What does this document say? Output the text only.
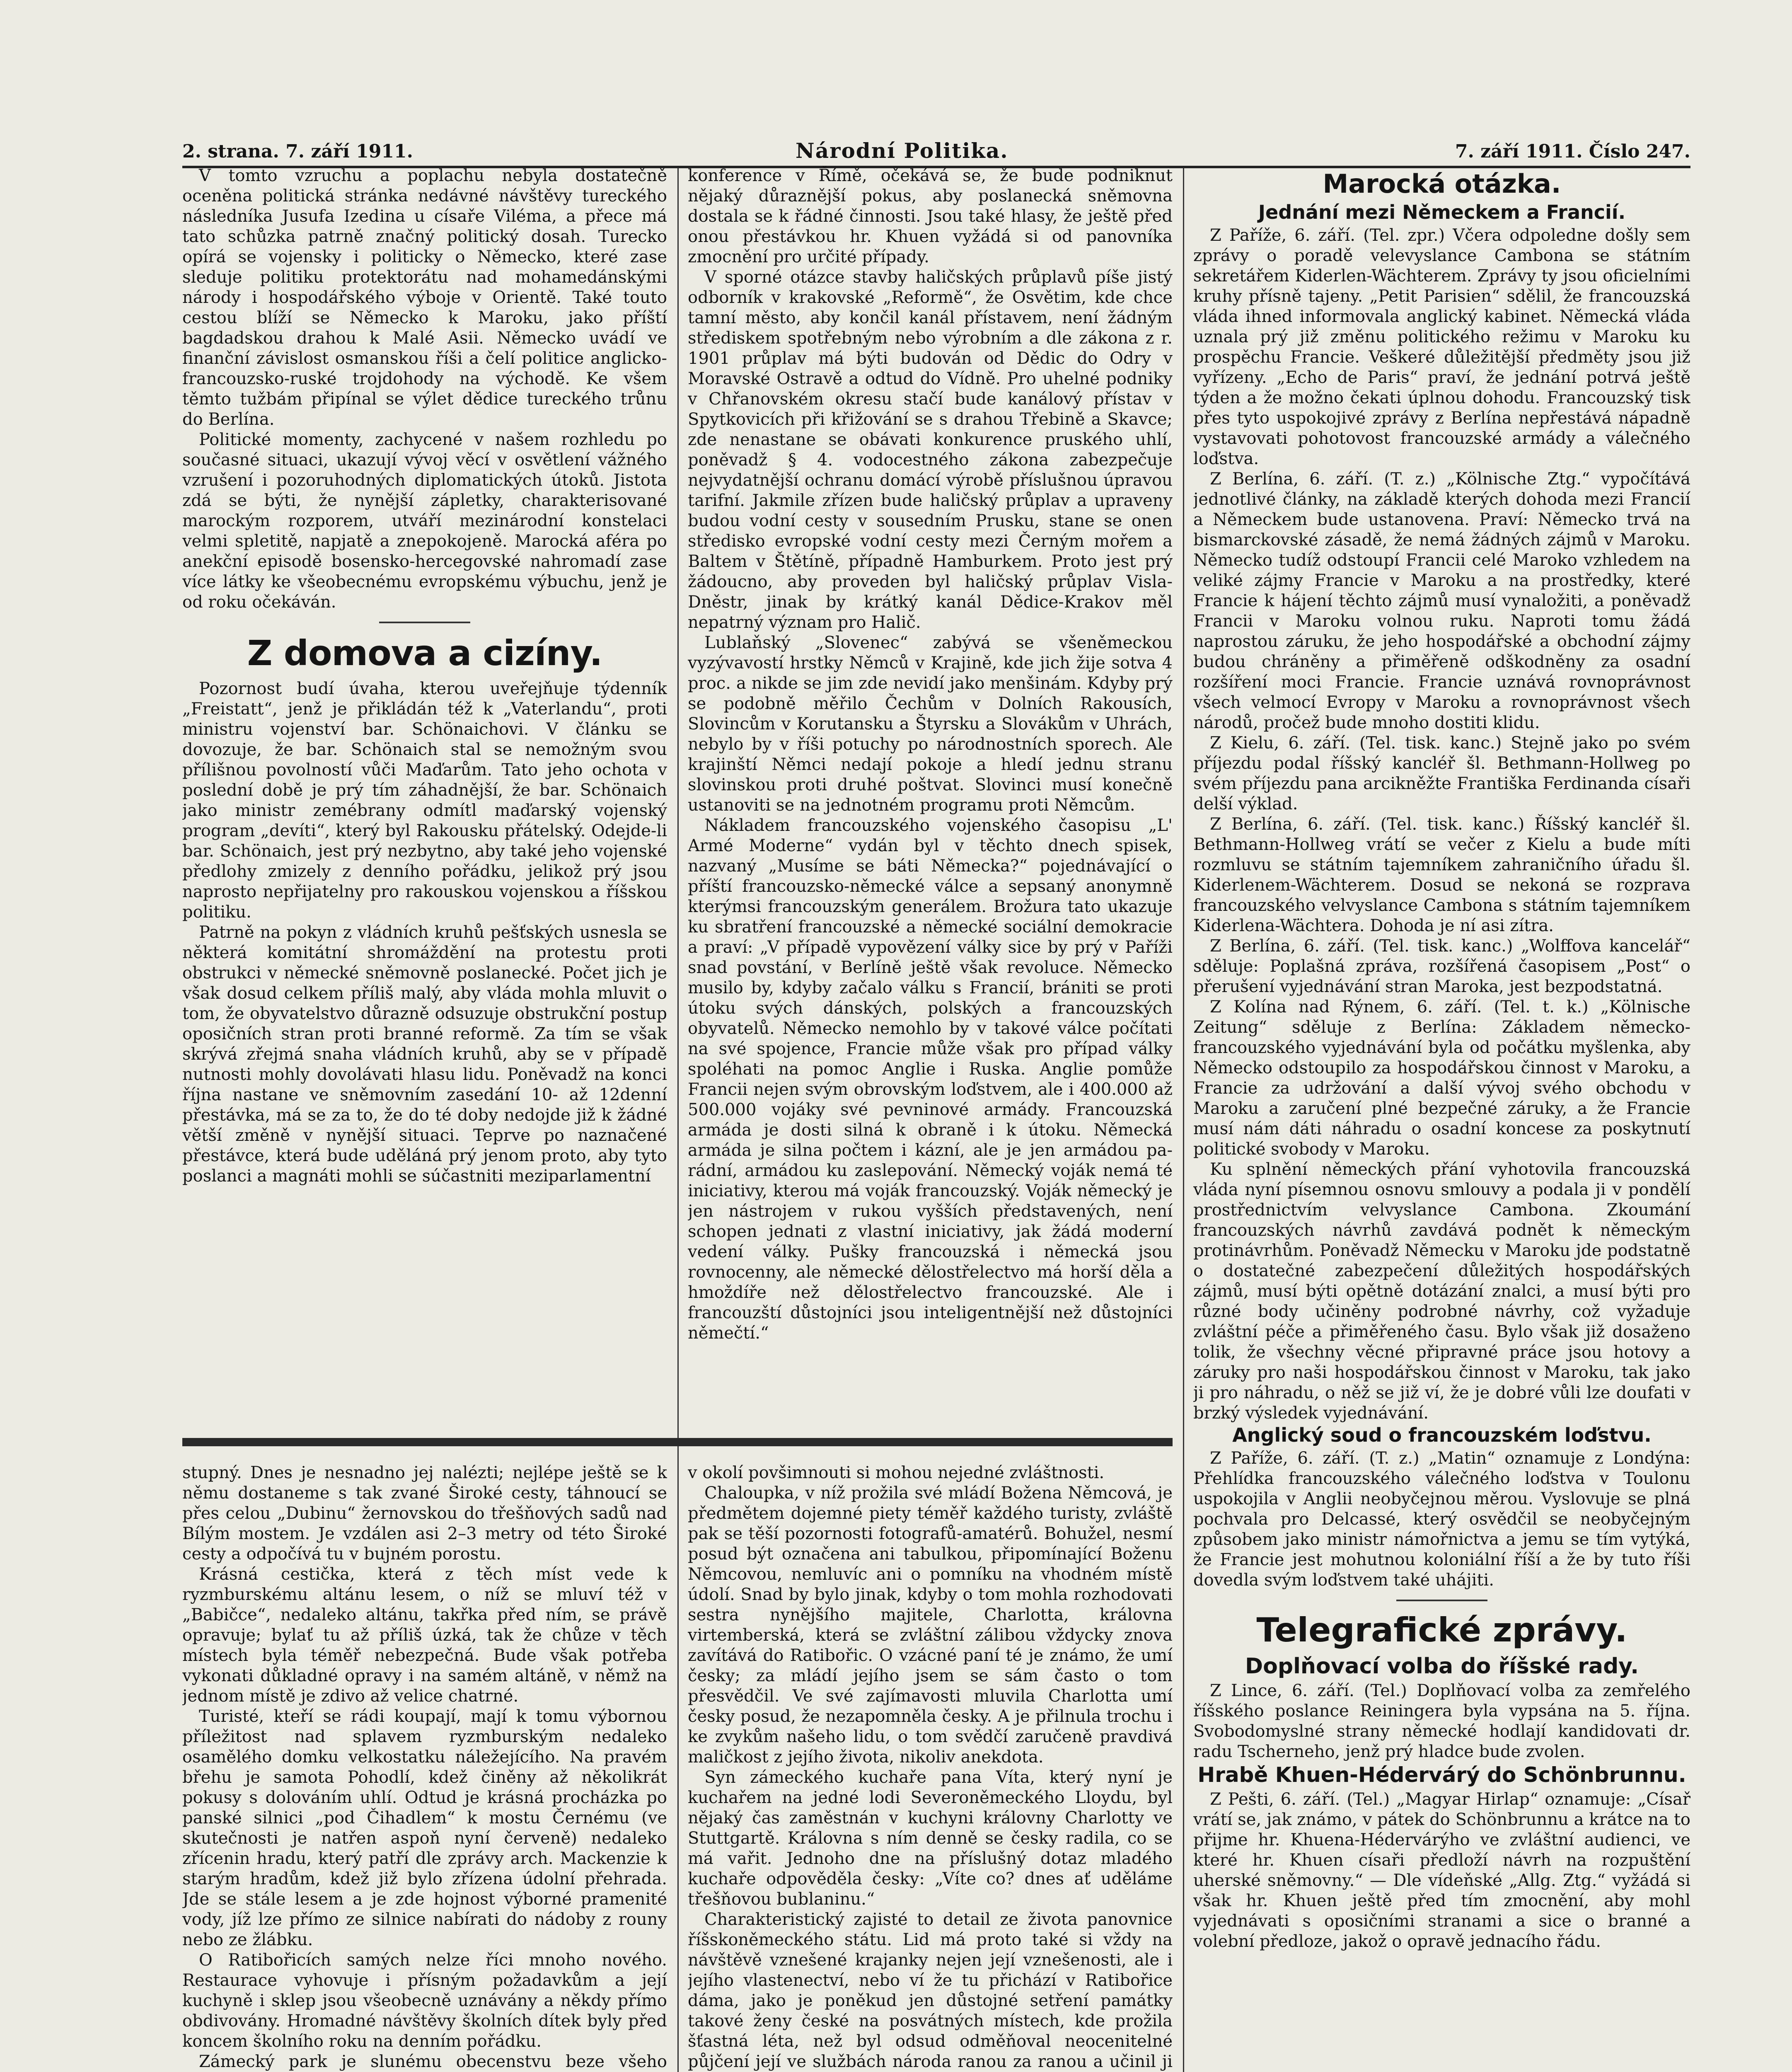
2. strana. 7. září 1911.	Národní Politika.	7. září 1911. Číslo 247.

V tomto vzruchu a poplachu nebyla dostatečně oceněna politická stránka nedávné návštěvy tureckého následníka Jusufa Izedina u císaře Viléma, a přece má tato schůzka patrně značný politický dosah. Turecko opírá se vojensky i politicky o Německo, které zase sleduje politiku protektorátu nad mohamedánskými národy i hospodářského výboje v Orientě. Také touto cestou blíží se Německo k Maroku, jako příští bagdadskou drahou k Malé Asii. Německo uvádí ve finanční závislost osmanskou říši a čelí politice anglicko-francouzsko-ruské trojdohody na východě. Ke všem těmto tužbám připínal se výlet dědice tureckého trůnu do Berlína.

Politické momenty, zachycené v našem rozhledu po současné situaci, ukazují vývoj věcí v osvětlení vážného vzrušení i pozoruhodných diplomatických útoků. Jistota zdá se býti, že nynější zápletky, charakterisované marockým rozporem, utváří mezinárodní konstelaci velmi spletitě, napjatě a znepokojeně. Marocká aféra po anekční episodě bosensko-hercegovské nahromadí zase více látky ke všeobecnému evropskému výbuchu, jenž je od roku očekáván.

Z domova a cizíny.

Pozornost budí úvaha, kterou uveřejňuje týdenník „Freistatt“, jenž je přikládán též k „Vaterlandu“, proti ministru vojenství bar. Schönaichovi. V článku se dovozuje, že bar. Schönaich stal se nemožným svou přílišnou povolností vůči Maďarům. Tato jeho ochota v poslední době je prý tím záhadnější, že bar. Schönaich jako ministr zemébrany odmítl maďarský vojenský program „devíti“, který byl Rakousku přátelský. Odejde-li bar. Schönaich, jest prý nezbytno, aby také jeho vojenské předlohy zmizely z denního pořádku, jelikož prý jsou naprosto nepřijatelny pro rakouskou vojenskou a říšskou politiku.

Patrně na pokyn z vládních kruhů pešťských usnesla se některá komitátní shromáždění na protestu proti obstrukci v německé sněmovně poslanecké. Počet jich je však dosud celkem příliš malý, aby vláda mohla mluvit o tom, že obyvatelstvo důrazně odsuzuje obstrukční postup oposičních stran proti branné reformě. Za tím se však skrývá zřejmá snaha vládních kruhů, aby se v případě nutnosti mohly dovolávati hlasu lidu. Poněvadž na konci října nastane ve sněmovním zasedání 10- až 12denní přestávka, má se za to, že do té doby nedojde již k žádné větší změně v nynější situaci. Teprve po naznačené přestávce, která bude uděláná prý jenom proto, aby tyto poslanci a magnáti mohli se súčastniti meziparlamentní

konference v Římě, očekává se, že bude podniknut nějaký důraznější pokus, aby poslanecká sněmovna dostala se k řádné činnosti. Jsou také hlasy, že ještě před onou přestávkou hr. Khuen vyžádá si od panovníka zmocnění pro určité případy.

V sporné otázce stavby haličských průplavů píše jistý odborník v krakovské „Reformě“, že Osvětim, kde chce tamní město, aby končil kanál přístavem, není žádným střediskem spotřebným nebo výrobním a dle zákona z r. 1901 průplav má býti budován od Dědic do Odry v Moravské Ostravě a odtud do Vídně. Pro uhelné podniky v Chřanovském okresu stačí bude kanálový přístav v Spytkovicích při křižování se s drahou Třebině a Skavce; zde nenastane se obávati konkurence pruského uhlí, poněvadž § 4. vodocestného zákona zabezpečuje nejvydatnější ochranu domácí výrobě příslušnou úpravou tarifní. Jakmile zřízen bude haličský průplav a upraveny budou vodní cesty v sousedním Prusku, stane se onen středisko evropské vodní cesty mezi Černým mořem a Baltem v Štětíně, případně Hamburkem. Proto jest prý žádoucno, aby proveden byl haličský průplav Visla-Dněstr, jinak by krátký kanál Dědice-Krakov měl nepatrný význam pro Halič.

Lublaňský „Slovenec“ zabývá se všeněmeckou vyzývavostí hrstky Němců v Krajině, kde jich žije sotva 4 proc. a nikde se jim zde nevidí jako menšinám. Kdyby prý se podobně měřilo Čechům v Dolních Rakousích, Slovincům v Korutansku a Štyrsku a Slovákům v Uhrách, nebylo by v říši potuchy po národnostních sporech. Ale krajinští Němci nedají pokoje a hledí jednu stranu slovinskou proti druhé poštvat. Slovinci musí konečně ustanoviti se na jednotném programu proti Němcům.

Nákladem francouzského vojenského časopisu „L' Armé Moderne“ vydán byl v těchto dnech spisek, nazvaný „Musíme se báti Německa?“ pojednávající o příští francouzsko-německé válce a sepsaný anonymně kterýmsi francouzským generálem. Brožura tato ukazuje ku sbratření francouzské a německé sociální demokracie a praví: „V případě vypovězení války sice by prý v Paříži snad povstání, v Berlíně ještě však revoluce. Německo musilo by, kdyby začalo válku s Francií, brániti se proti útoku svých dánských, polských a francouzských obyvatelů. Německo nemohlo by v takové válce počítati na své spojence, Francie může však pro případ války spoléhati na pomoc Anglie i Ruska. Anglie pomůže Francii nejen svým obrovským loďstvem, ale i 400.000 až 500.000 vojáky své pevninové armády. Francouzská armáda je dosti silná k obraně i k útoku. Německá armáda je silna počtem i kázní, ale je jen armádou parádní, armádou ku zaslepování. Německý voják nemá té iniciativy, kterou má voják francouzský. Voják německý je jen nástrojem v rukou vyšších představených, není schopen jednati z vlastní iniciativy, jak žádá moderní vedení války. Pušky francouzská i německá jsou rovnocenny, ale německé dělostřelectvo má horší děla a hmoždíře než dělostřelectvo francouzské. Ale i francouzští důstojníci jsou inteligentnější než důstojníci němečtí.“

stupný. Dnes je nesnadno jej nalézti; nejlépe ještě se k němu dostaneme s tak zvané Široké cesty, táhnoucí se přes celou „Dubinu“ žernovskou do třešňových sadů nad Bílým mostem. Je vzdálen asi 2–3 metry od této Široké cesty a odpočívá tu v bujném porostu.

Krásná cestička, která z těch míst vede k ryzmburskému altánu lesem, o níž se mluví též v „Babičce“, nedaleko altánu, takřka před ním, se právě opravuje; bylať tu až příliš úzká, tak že chůze v těch místech byla téměř nebezpečná. Bude však potřeba vykonati důkladné opravy i na samém altáně, v němž na jednom místě je zdivo až velice chatrné.

Turisté, kteří se rádi koupají, mají k tomu výbornou příležitost nad splavem ryzmburským nedaleko osamělého domku velkostatku náležejícího. Na pravém břehu je samota Pohodlí, kdež činěny až několikrát pokusy s dolováním uhlí. Odtud je krásná procházka po panské silnici „pod Čihadlem“ k mostu Černému (ve skutečnosti je natřen aspoň nyní červeně) nedaleko zřícenin hradu, který patří dle zprávy arch. Mackenzie k starým hradům, kdež již bylo zřízena údolní přehrada. Jde se stále lesem a je zde hojnost výborné pramenité vody, jíž lze přímo ze silnice nabírati do nádoby z rouny nebo ze žlábku.

O Ratibořicích samých nelze říci mnoho nového. Restaurace vyhovuje i přísným požadavkům a její kuchyně i sklep jsou všeobecně uznávány a někdy přímo obdivovány. Hromadné návštěvy školních dítek byly před koncem školního roku na denním pořádku.

Zámecký park je slunému obecenstvu beze všeho

v okolí povšimnouti si mohou nejedné zvláštnosti.

Chaloupka, v níž prožila své mládí Božena Němcová, je předmětem dojemné piety téměř každého turisty, zvláště pak se těší pozornosti fotografů-amatérů. Bohužel, nesmí posud být označena ani tabulkou, připomínající Boženu Němcovou, nemluvíc ani o pomníku na vhodném místě údolí. Snad by bylo jinak, kdyby o tom mohla rozhodovati sestra nynějšího majitele, Charlotta, královna virtemberská, která se zvláštní zálibou vždycky znova zavítává do Ratibořic. O vzácné paní té je známo, že umí česky; za mládí jejího jsem se sám často o tom přesvědčil. Ve své zajímavosti mluvila Charlotta umí česky posud, že nezapomněla česky. A je přilnula trochu i ke zvykům našeho lidu, o tom svědčí zaručeně pravdivá maličkost z jejího života, nikoliv anekdota.

Syn zámeckého kuchaře pana Víta, který nyní je kuchařem na jedné lodi Severoněmeckého Lloydu, byl nějaký čas zaměstnán v kuchyni královny Charlotty ve Stuttgartě. Královna s ním denně se česky radila, co se má vařit. Jednoho dne na příslušný dotaz mladého kuchaře odpověděla česky: „Víte co? dnes ať uděláme třešňovou bublaninu.“

Charakteristický zajisté to detail ze života panovnice říšskoněmeckého státu. Lid má proto také si vždy na návštěvě vznešené krajanky nejen její vznešenosti, ale i jejího vlastenectví, nebo ví že tu přichází v Ratibořice dáma, jako je poněkud jen důstojné setření památky takové ženy české na posvátných místech, kde prožila šťastná léta, než byl odsud odměňoval neocenitelné půjčení její ve službách národa ranou za ranou a učinil ji

Marocká otázka.
Jednání mezi Německem a Francií.

Z Paříže, 6. září. (Tel. zpr.) Včera odpoledne došly sem zprávy o poradě velevyslance Cambona se státním sekretářem Kiderlen-Wächterem. Zprávy ty jsou oficielními kruhy přísně tajeny. „Petit Parisien“ sdělil, že francouzská vláda ihned informovala anglický kabinet. Německá vláda uznala prý již změnu politického režimu v Maroku ku prospěchu Francie. Veškeré důležitější předměty jsou již vyřízeny. „Echo de Paris“ praví, že jednání potrvá ještě týden a že možno čekati úplnou dohodu. Francouzský tisk přes tyto uspokojivé zprávy z Berlína nepřestává nápadně vystavovati pohotovost francouzské armády a válečného loďstva.

Z Berlína, 6. září. (T. z.) „Kölnische Ztg.“ vypočítává jednotlivé články, na základě kterých dohoda mezi Francií a Německem bude ustanovena. Praví: Německo trvá na bismarckovské zásadě, že nemá žádných zájmů v Maroku. Německo tudíž odstoupí Francii celé Maroko vzhledem na veliké zájmy Francie v Maroku a na prostředky, které Francie k hájení těchto zájmů musí vynaložiti, a poněvadž Francii v Maroku volnou ruku. Naproti tomu žádá naprostou záruku, že jeho hospodářské a obchodní zájmy budou chráněny a přiměřeně odškodněny za osadní rozšíření moci Francie. Francie uznává rovnoprávnost všech velmocí Evropy v Maroku a rovnoprávnost všech národů, pročež bude mnoho dostiti klidu.

Z Kielu, 6. září. (Tel. tisk. kanc.) Stejně jako po svém příjezdu podal říšský kancléř šl. Bethmann-Hollweg po svém příjezdu pana arcikněžte Františka Ferdinanda císaři delší výklad.

Z Berlína, 6. září. (Tel. tisk. kanc.) Říšský kancléř šl. Bethmann-Hollweg vrátí se večer z Kielu a bude míti rozmluvu se státním tajemníkem zahraničního úřadu šl. Kiderlenem-Wächterem. Dosud se nekoná se rozprava francouzského velvyslance Cambona s státním tajemníkem Kiderlena-Wächtera. Dohoda je ní asi zítra.

Z Berlína, 6. září. (Tel. tisk. kanc.) „Wolffova kancelář“ sděluje: Poplašná zpráva, rozšířená časopisem „Post“ o přerušení vyjednávání stran Maroka, jest bezpodstatná.

Z Kolína nad Rýnem, 6. září. (Tel. t. k.) „Kölnische Zeitung“ sděluje z Berlína: Základem německo-francouzského vyjednávání byla od počátku myšlenka, aby Německo odstoupilo za hospodářskou činnost v Maroku, a Francie za udržování a další vývoj svého obchodu v Maroku a zaručení plné bezpečné záruky, a že Francie musí nám dáti náhradu o osadní koncese za poskytnutí politické svobody v Maroku.

Ku splnění německých přání vyhotovila francouzská vláda nyní písemnou osnovu smlouvy a podala ji v pondělí prostřednictvím velvyslance Cambona. Zkoumání francouzských návrhů zavdává podnět k německým protinávrhům. Poněvadž Německu v Maroku jde podstatně o dostatečné zabezpečení důležitých hospodářských zájmů, musí býti opětně dotázání znalci, a musí býti pro různé body učiněny podrobné návrhy, což vyžaduje zvláštní péče a přiměřeného času. Bylo však již dosaženo tolik, že všechny věcné připravné práce jsou hotovy a záruky pro naši hospodářskou činnost v Maroku, tak jako ji pro náhradu, o něž se již ví, že je dobré vůli lze doufati v brzký výsledek vyjednávání.

Anglický soud o francouzském loďstvu.

Z Paříže, 6. září. (T. z.) „Matin“ oznamuje z Londýna: Přehlídka francouzského válečného loďstva v Toulonu uspokojila v Anglii neobyčejnou měrou. Vyslovuje se plná pochvala pro Delcassé, který osvědčil se neobyčejným způsobem jako ministr námořnictva a jemu se tím vytýká, že Francie jest mohutnou koloniální říší a že by tuto říši dovedla svým loďstvem také uhájiti.

Telegrafické zprávy.
Doplňovací volba do říšské rady.

Z Lince, 6. září. (Tel.) Doplňovací volba za zemřelého říšského poslance Reiningera byla vypsána na 5. října. Svobodomyslné strany německé hodlají kandidovati dr. radu Tscherneho, jenž prý hladce bude zvolen.

Hrabě Khuen-Hédervárý do Schönbrunnu.

Z Pešti, 6. září. (Tel.) „Magyar Hirlap“ oznamuje: „Císař vrátí se, jak známo, v pátek do Schönbrunnu a krátce na to přijme hr. Khuena-Hédervárýho ve zvláštní audienci, ve které hr. Khuen císaři předloží návrh na rozpuštění uherské sněmovny.“ — Dle vídeňské „Allg. Ztg.“ vyžádá si však hr. Khuen ještě před tím zmocnění, aby mohl vyjednávati s oposičními stranami a sice o branné a volební předloze, jakož o opravě jednacího řádu.
